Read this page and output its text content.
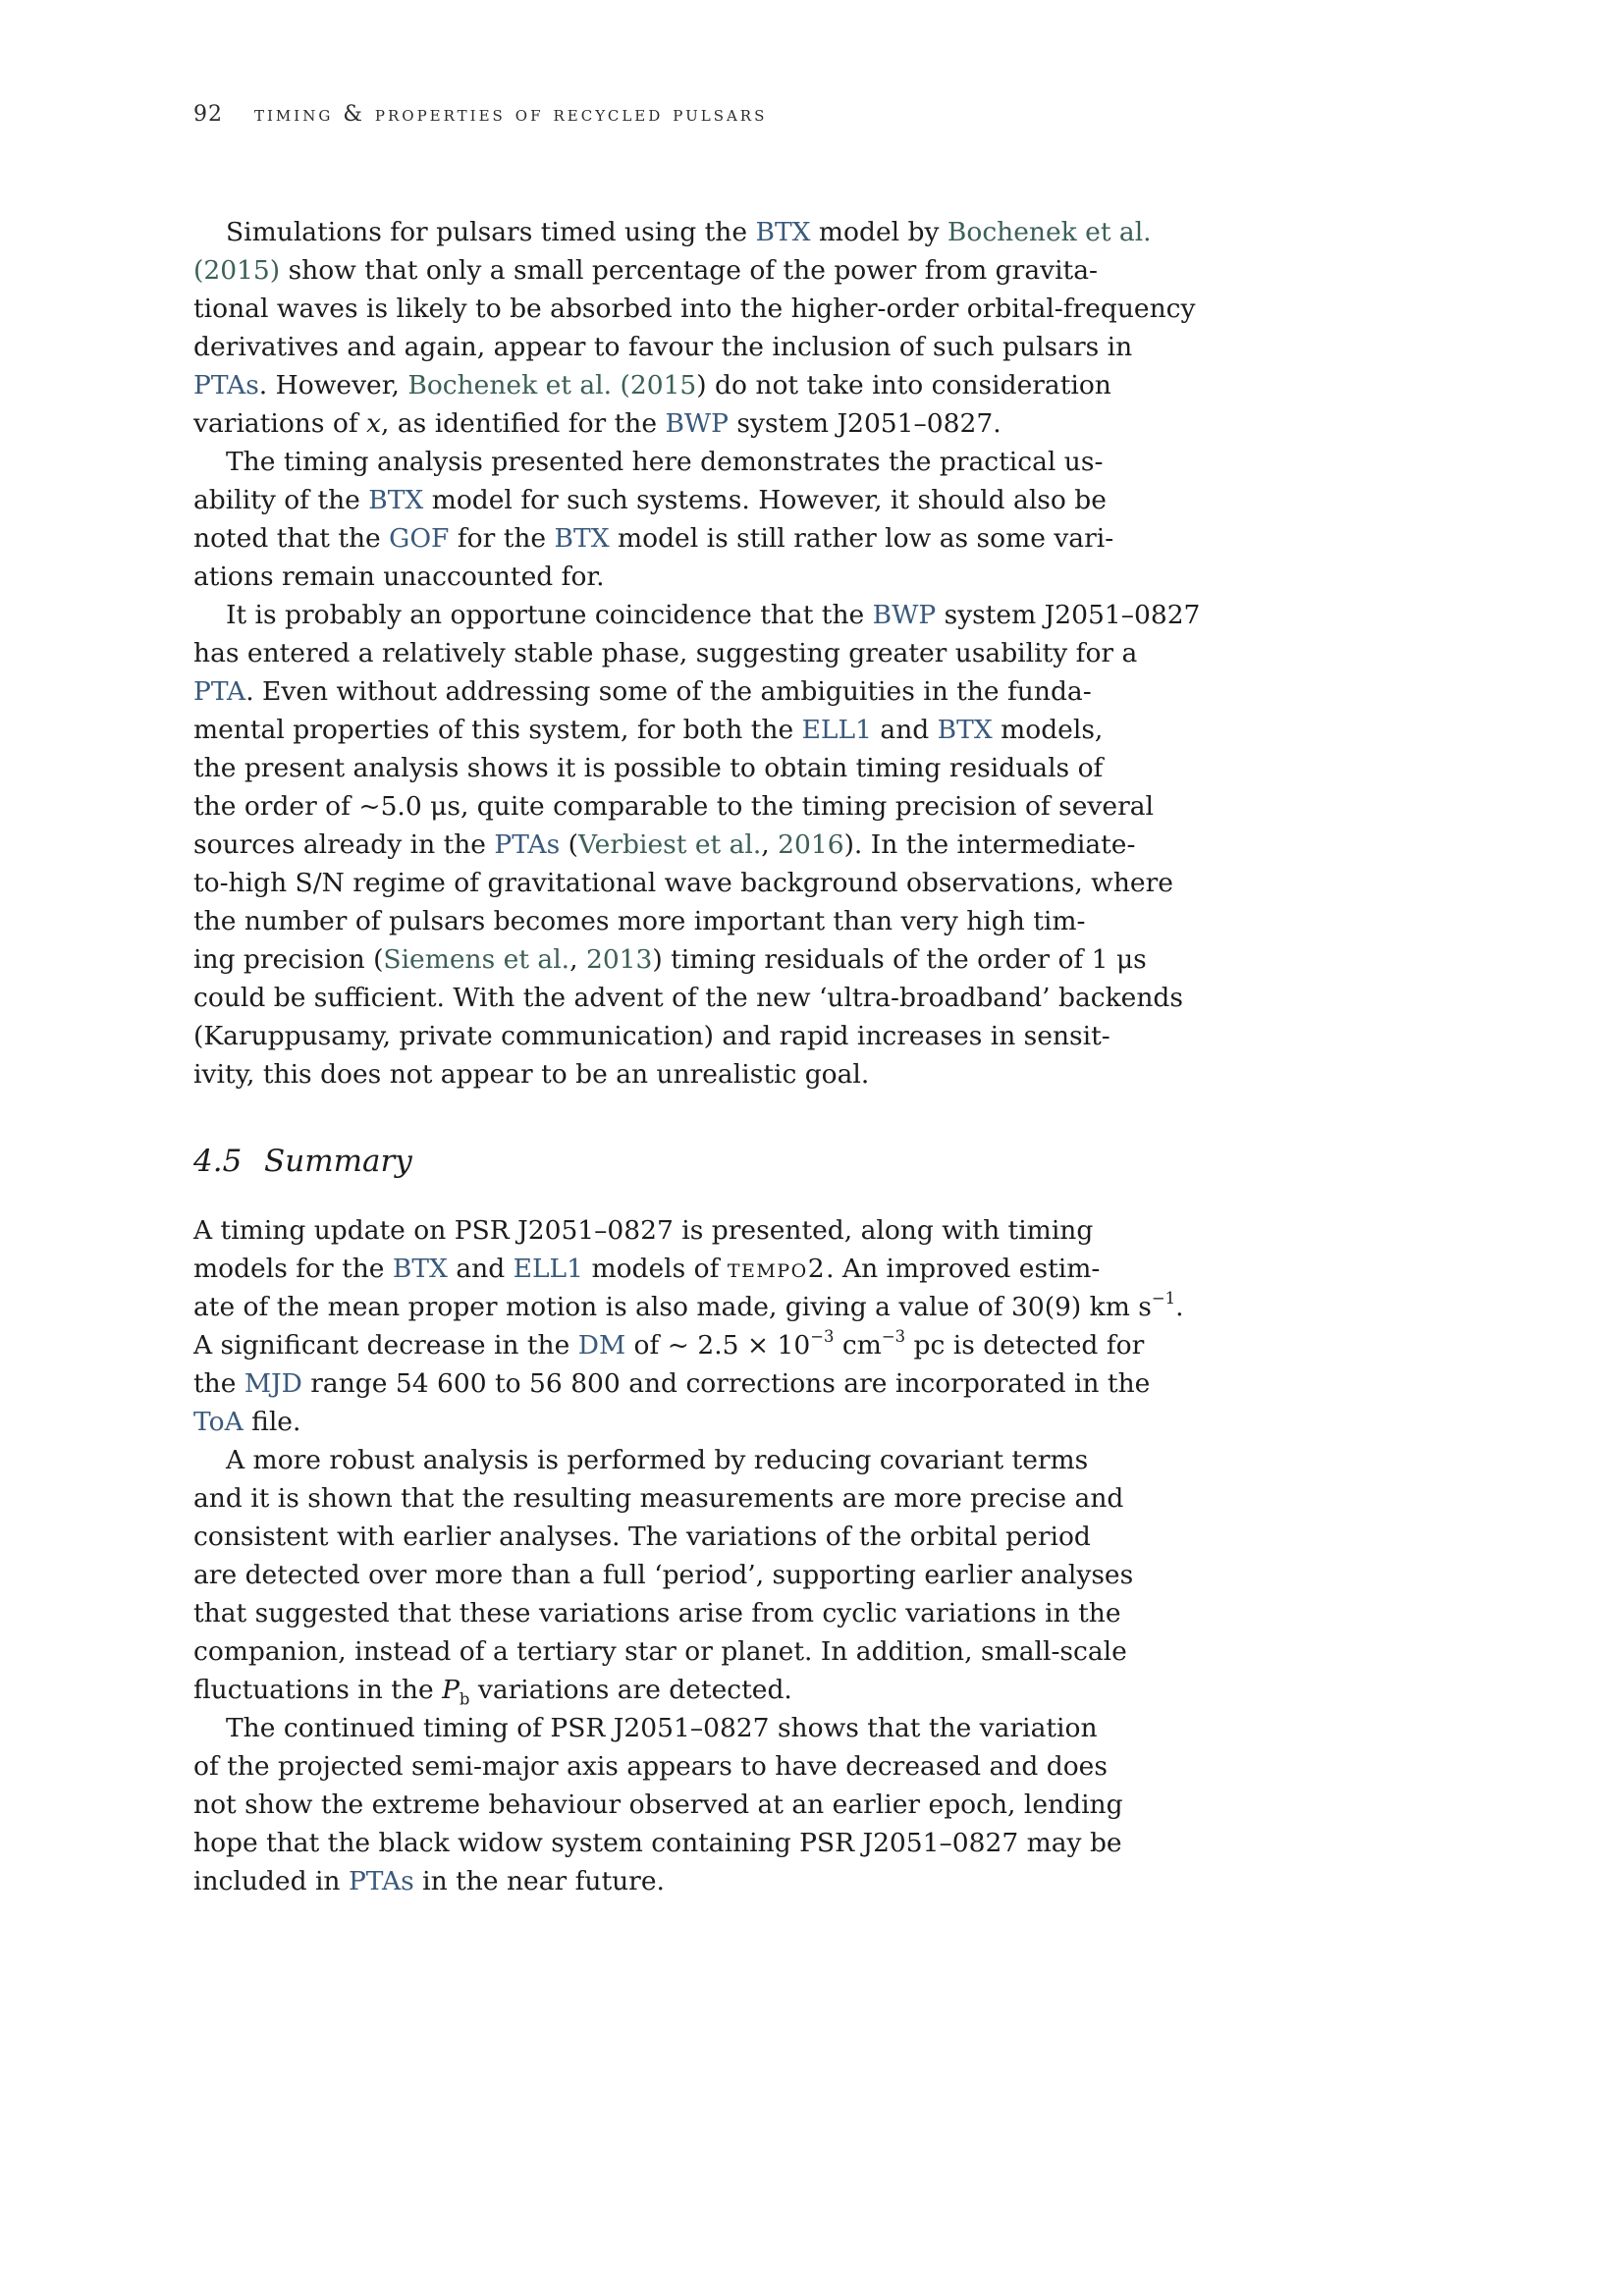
92 timing & properties of recycled pulsars

Simulations for pulsars timed using the BTX model by Bochenek et al.
(2015) show that only a small percentage of the power from gravita-
tional waves is likely to be absorbed into the higher-order orbital-frequency
derivatives and again, appear to favour the inclusion of such pulsars in
PTAs. However, Bochenek et al. (2015) do not take into consideration
variations of x, as identified for the BWP system J2051–0827.

The timing analysis presented here demonstrates the practical us-
ability of the BTX model for such systems. However, it should also be
noted that the GOF for the BTX model is still rather low as some vari-
ations remain unaccounted for.

It is probably an opportune coincidence that the BWP system J2051–0827
has entered a relatively stable phase, suggesting greater usability for a
PTA. Even without addressing some of the ambiguities in the funda-
mental properties of this system, for both the ELL1 and BTX models,
the present analysis shows it is possible to obtain timing residuals of
the order of ~5.0 μs, quite comparable to the timing precision of several
sources already in the PTAs (Verbiest et al., 2016). In the intermediate-
to-high S/N regime of gravitational wave background observations, where
the number of pulsars becomes more important than very high tim-
ing precision (Siemens et al., 2013) timing residuals of the order of 1 μs
could be sufficient. With the advent of the new ‘ultra-broadband’ backends
(Karuppusamy, private communication) and rapid increases in sensit-
ivity, this does not appear to be an unrealistic goal.

4.5 Summary

A timing update on PSR J2051–0827 is presented, along with timing
models for the BTX and ELL1 models of tempo2. An improved estim-
ate of the mean proper motion is also made, giving a value of 30(9) km $s^{-1}$.
A significant decrease in the DM of ~ $2.5 \times 10^{-3}$ $cm^{-3}$ pc is detected for
the MJD range 54 600 to 56 800 and corrections are incorporated in the
ToA file.

A more robust analysis is performed by reducing covariant terms
and it is shown that the resulting measurements are more precise and
consistent with earlier analyses. The variations of the orbital period
are detected over more than a full ‘period’, supporting earlier analyses
that suggested that these variations arise from cyclic variations in the
companion, instead of a tertiary star or planet. In addition, small-scale
fluctuations in the $P_b$ variations are detected.

The continued timing of PSR J2051–0827 shows that the variation
of the projected semi-major axis appears to have decreased and does
not show the extreme behaviour observed at an earlier epoch, lending
hope that the black widow system containing PSR J2051–0827 may be
included in PTAs in the near future.
